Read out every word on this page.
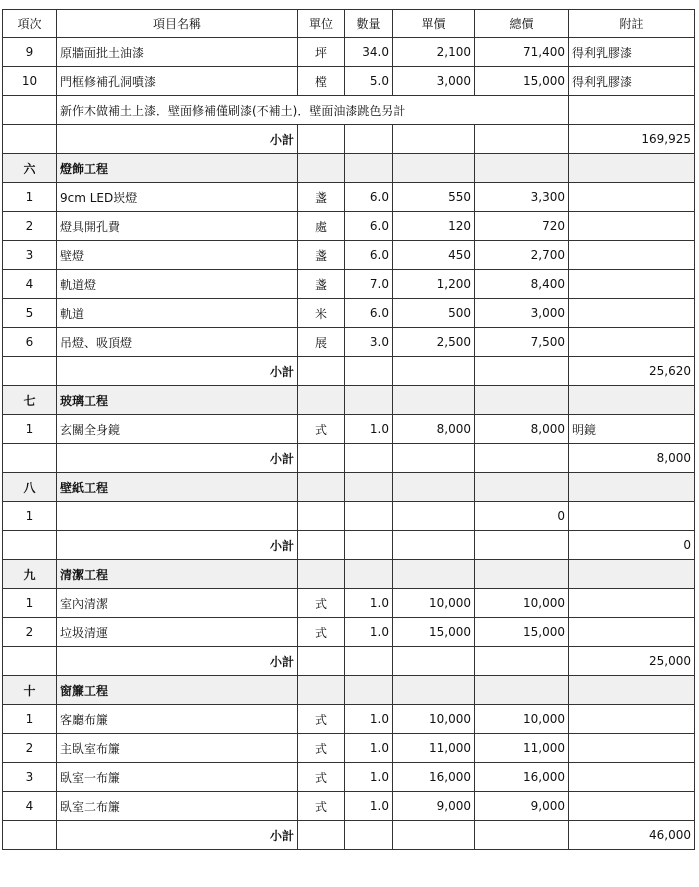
項次	項目名稱	單位	數量	單價	總價	附註
9	原牆面批土油漆	坪	34.0	2,100	71,400	得利乳膠漆
10	門框修補孔洞噴漆	樘	5.0	3,000	15,000	得利乳膠漆
	新作木做補土上漆．壁面修補僅刷漆(不補土)．壁面油漆跳色另計					
	小計					169,925
六	燈飾工程					
1	9cm LED崁燈	盞	6.0	550	3,300	
2	燈具開孔費	處	6.0	120	720	
3	壁燈	盞	6.0	450	2,700	
4	軌道燈	盞	7.0	1,200	8,400	
5	軌道	米	6.0	500	3,000	
6	吊燈、吸頂燈	展	3.0	2,500	7,500	
	小計					25,620
七	玻璃工程					
1	玄關全身鏡	式	1.0	8,000	8,000	明鏡
	小計					8,000
八	壁紙工程					
1					0	
	小計					0
九	清潔工程					
1	室內清潔	式	1.0	10,000	10,000	
2	垃圾清運	式	1.0	15,000	15,000	
	小計					25,000
十	窗簾工程					
1	客廳布簾	式	1.0	10,000	10,000	
2	主臥室布簾	式	1.0	11,000	11,000	
3	臥室一布簾	式	1.0	16,000	16,000	
4	臥室二布簾	式	1.0	9,000	9,000	
	小計					46,000
